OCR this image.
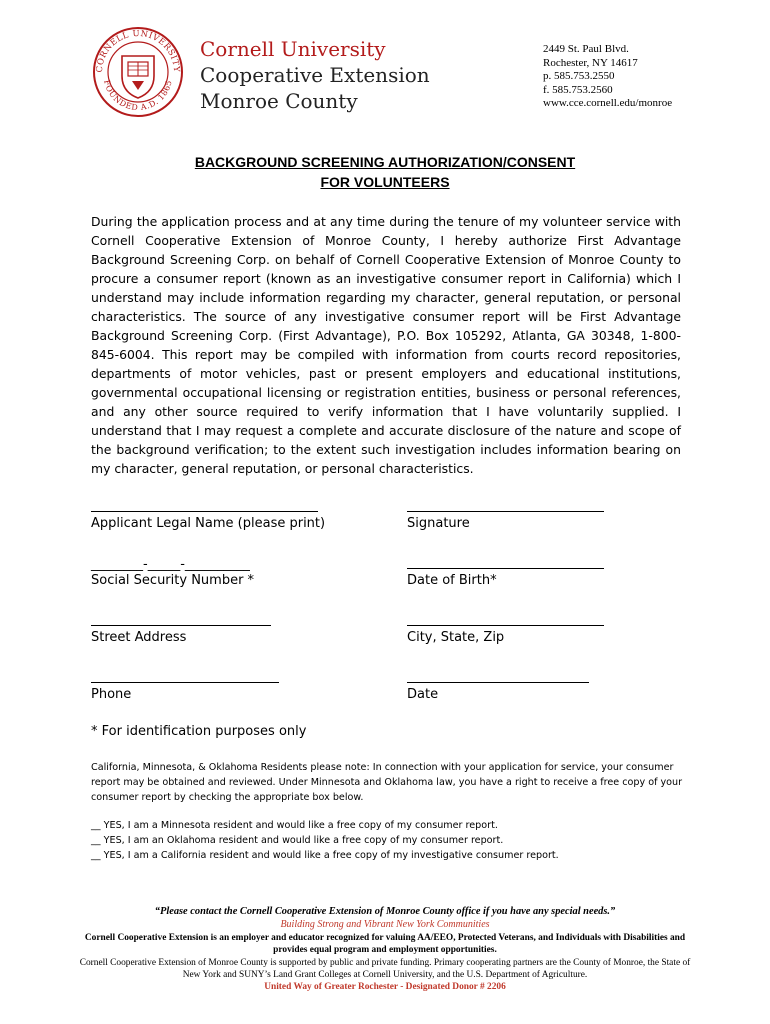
CORNELL UNIVERSITY
FOUNDED A.D. 1865
Cornell University
Cooperative Extension
Monroe County
2449 St. Paul Blvd.
Rochester, NY 14617
p. 585.753.2550
f. 585.753.2560
www.cce.cornell.edu/monroe
BACKGROUND SCREENING AUTHORIZATION/CONSENT
FOR VOLUNTEERS
During the application process and at any time during the tenure of my volunteer service with Cornell Cooperative Extension of Monroe County, I hereby authorize First Advantage Background Screening Corp. on behalf of Cornell Cooperative Extension of Monroe County to procure a consumer report (known as an investigative consumer report in California) which I understand may include information regarding my character, general reputation, or personal characteristics. The source of any investigative consumer report will be First Advantage Background Screening Corp. (First Advantage), P.O. Box 105292, Atlanta, GA 30348, 1-800-845-6004. This report may be compiled with information from courts record repositories, departments of motor vehicles, past or present employers and educational institutions, governmental occupational licensing or registration entities, business or personal references, and any other source required to verify information that I have voluntarily supplied. I understand that I may request a complete and accurate disclosure of the nature and scope of the background verification; to the extent such investigation includes information bearing on my character, general reputation, or personal characteristics.
Applicant Legal Name (please print)	Signature
________-_____-__________
Social Security Number *	Date of Birth*
Street Address	City, State, Zip
Phone	Date
* For identification purposes only
California, Minnesota, & Oklahoma Residents please note: In connection with your application for service, your consumer report may be obtained and reviewed. Under Minnesota and Oklahoma law, you have a right to receive a free copy of your consumer report by checking the appropriate box below.
__ YES, I am a Minnesota resident and would like a free copy of my consumer report.
__ YES, I am an Oklahoma resident and would like a free copy of my consumer report.
__ YES, I am a California resident and would like a free copy of my investigative consumer report.
“Please contact the Cornell Cooperative Extension of Monroe County office if you have any special needs.”
Building Strong and Vibrant New York Communities
Cornell Cooperative Extension is an employer and educator recognized for valuing AA/EEO, Protected Veterans, and Individuals with Disabilities and provides equal program and employment opportunities.
Cornell Cooperative Extension of Monroe County is supported by public and private funding. Primary cooperating partners are the County of Monroe, the State of New York and SUNY’s Land Grant Colleges at Cornell University, and the U.S. Department of Agriculture.
United Way of Greater Rochester - Designated Donor # 2206
